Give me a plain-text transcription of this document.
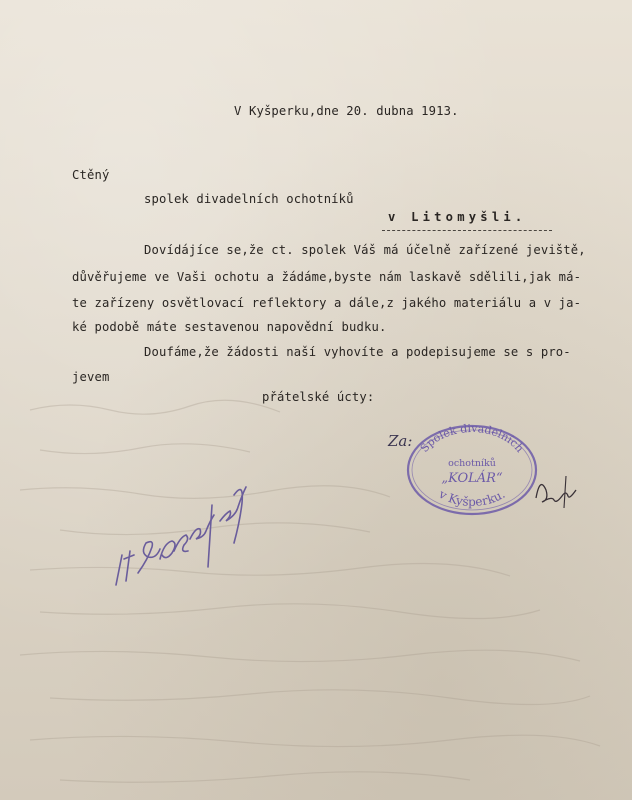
V Kyšperku,dne 20. dubna 1913.
Ctěný
spolek divadelních ochotníků
v Litomyšli.
Dovídájíce se,že ct. spolek Váš má účelně zařízené jeviště,
důvěřujeme ve Vaši ochotu a žádáme,byste nám laskavě sdělili,jak má-
te zařízeny osvětlovací reflektory a dále,z jakého materiálu a v ja-
ké podobě máte sestavenou napovědní budku.
Doufáme,že žádosti naší vyhovíte a podepisujeme se s pro-
jevem
přátelské úcty:
Za: Spolek divadelních
ochotníků
„KOLÁR“
v Kyšperku.
